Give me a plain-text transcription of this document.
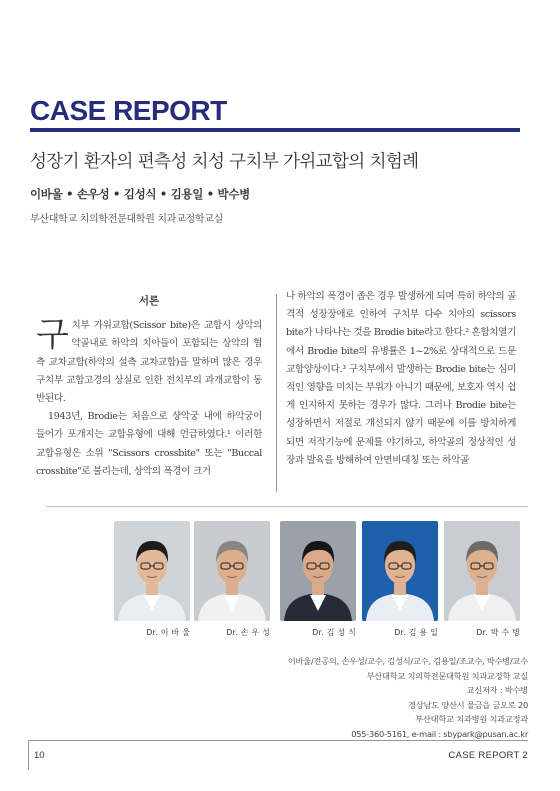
CASE REPORT
성장기 환자의 편측성 치성 구치부 가위교합의 치험례
이바울 • 손우성 • 김성식 • 김용일 • 박수병
부산대학교 치의학전문대학원 치과교정학교실
서론

구치부 가위교합(Scissor bite)은 교합시 상악의 악골내로 하악의 치아들이 포함되는 상악의 협측 교차교합(하악의 설측 교차교합)을 말하며 많은 경우 구치부 교합고경의 상실로 인한 전치부의 과개교합이 동반된다.

1943년, Brodie는 처음으로 상악궁 내에 하악궁이 들어가 포개지는 교합유형에 대해 언급하였다.¹ 이러한 교합유형은 소위 "Scissors crossbite" 또는 "Buccal crossbite"로 불리는데, 상악의 폭경이 크거

나 하악의 폭경이 좁은 경우 발생하게 되며 특히 하악의 골격적 성장장애로 인하여 구치부 다수 치아의 scissors bite가 나타나는 것을 Brodie bite라고 한다.² 혼합치열기에서 Brodie bite의 유병률은 1~2%로 상대적으로 드문 교합양상이다.³ 구치부에서 발생하는 Brodie bite는 심미적인 영향을 미치는 부위가 아니기 때문에, 보호자 역시 쉽게 인지하지 못하는 경우가 많다. 그러나 Brodie bite는 성장하면서 저절로 개선되지 않기 때문에 이를 방치하게 되면 저작기능에 문제를 야기하고, 하악골의 정상적인 성장과 발육을 방해하여 안면비대칭 또는 하악골

Dr. 이 바 울	Dr. 손 우 성	Dr. 김 성 식	Dr. 김 용 일	Dr. 박 수 병
이바울/전공의, 손우성/교수, 김성식/교수, 김용일/조교수, 박수병/교수
부산대학교 치의학전문대학원 치과교정학 교실
교신저자 : 박수병
경상남도 양산시 물금읍 금오로 20
부산대학교 치과병원 치과교정과
055-360-5161, e-mail : sbypark@pusan.ac.kr
10	CASE REPORT 2
